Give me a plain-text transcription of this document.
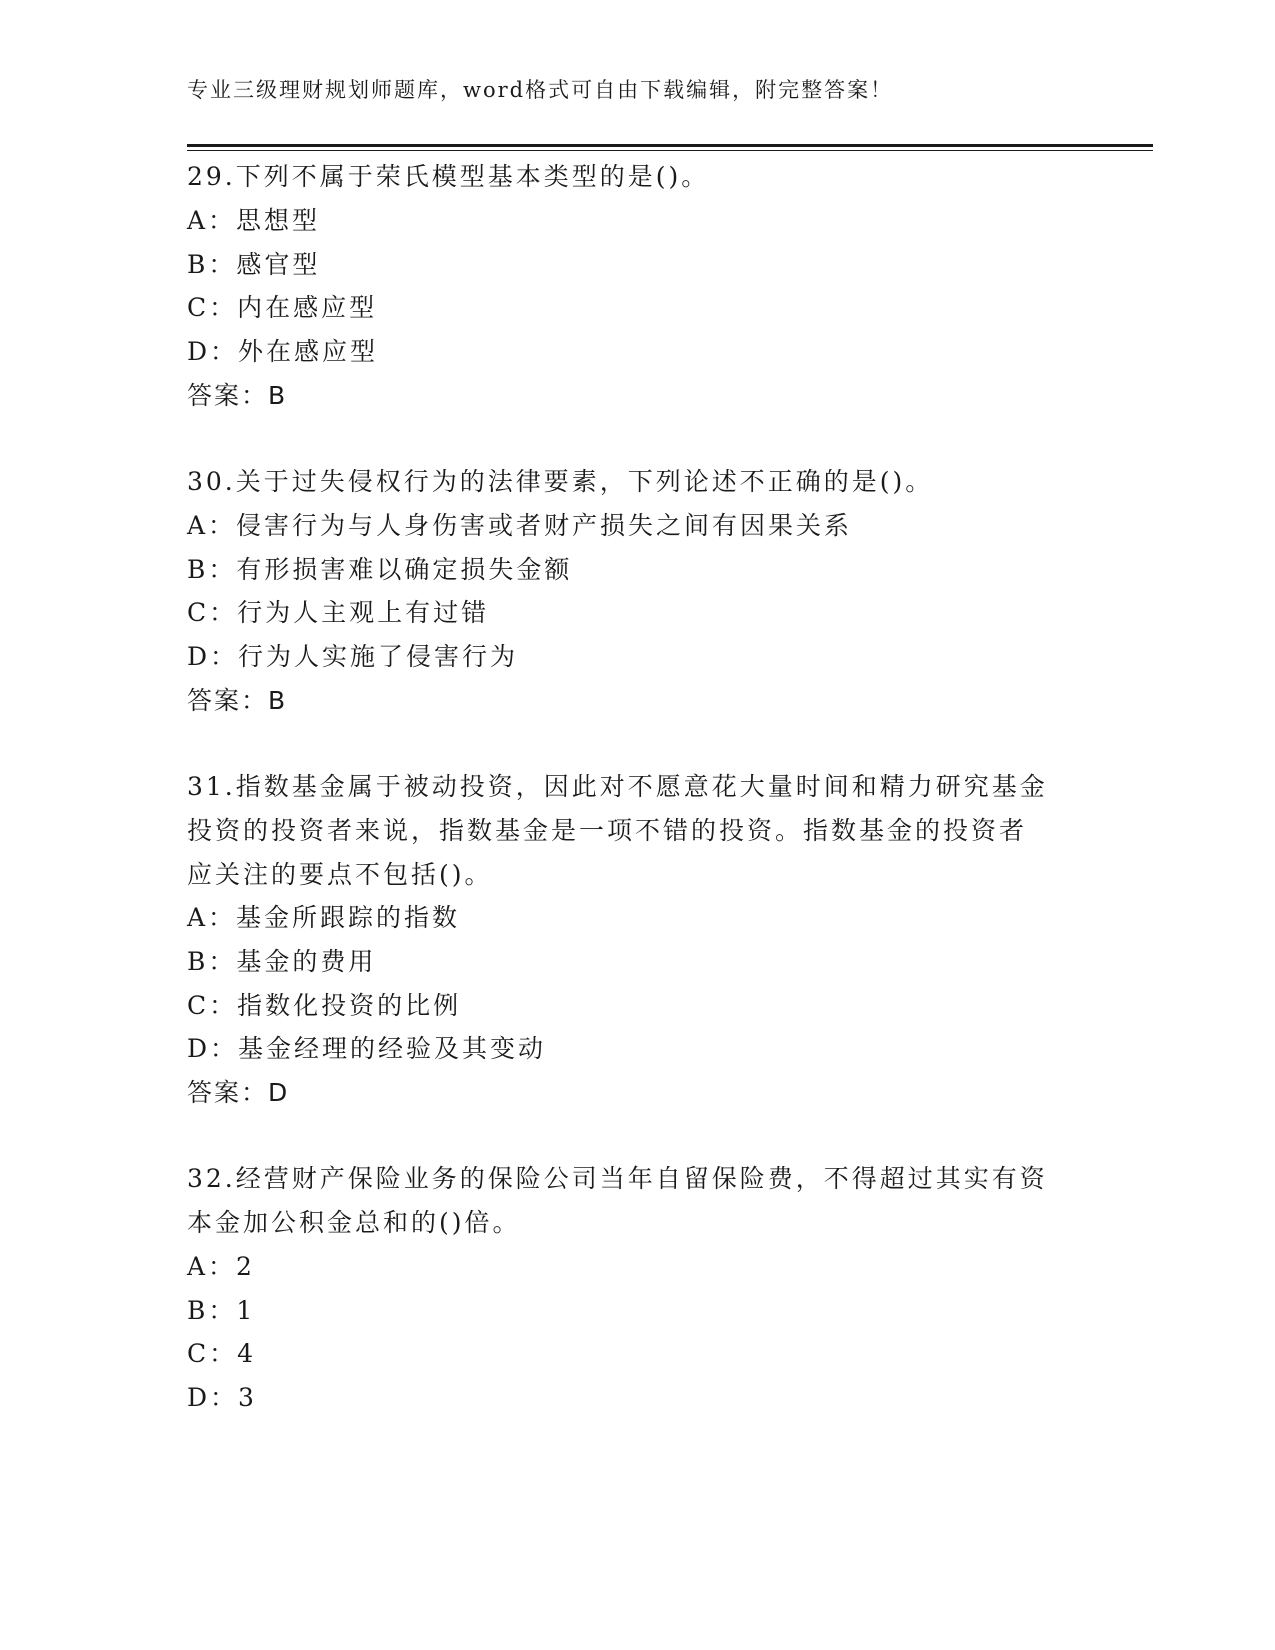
专业三级理财规划师题库，word格式可自由下载编辑，附完整答案！
29.下列不属于荣氏模型基本类型的是()。
A：思想型
B：感官型
C：内在感应型
D：外在感应型
答案：B
30.关于过失侵权行为的法律要素，下列论述不正确的是()。
A：侵害行为与人身伤害或者财产损失之间有因果关系
B：有形损害难以确定损失金额
C：行为人主观上有过错
D：行为人实施了侵害行为
答案：B
31.指数基金属于被动投资，因此对不愿意花大量时间和精力研究基金
投资的投资者来说，指数基金是一项不错的投资。指数基金的投资者
应关注的要点不包括()。
A：基金所跟踪的指数
B：基金的费用
C：指数化投资的比例
D：基金经理的经验及其变动
答案：D
32.经营财产保险业务的保险公司当年自留保险费，不得超过其实有资
本金加公积金总和的()倍。
A：2
B：1
C：4
D：3
